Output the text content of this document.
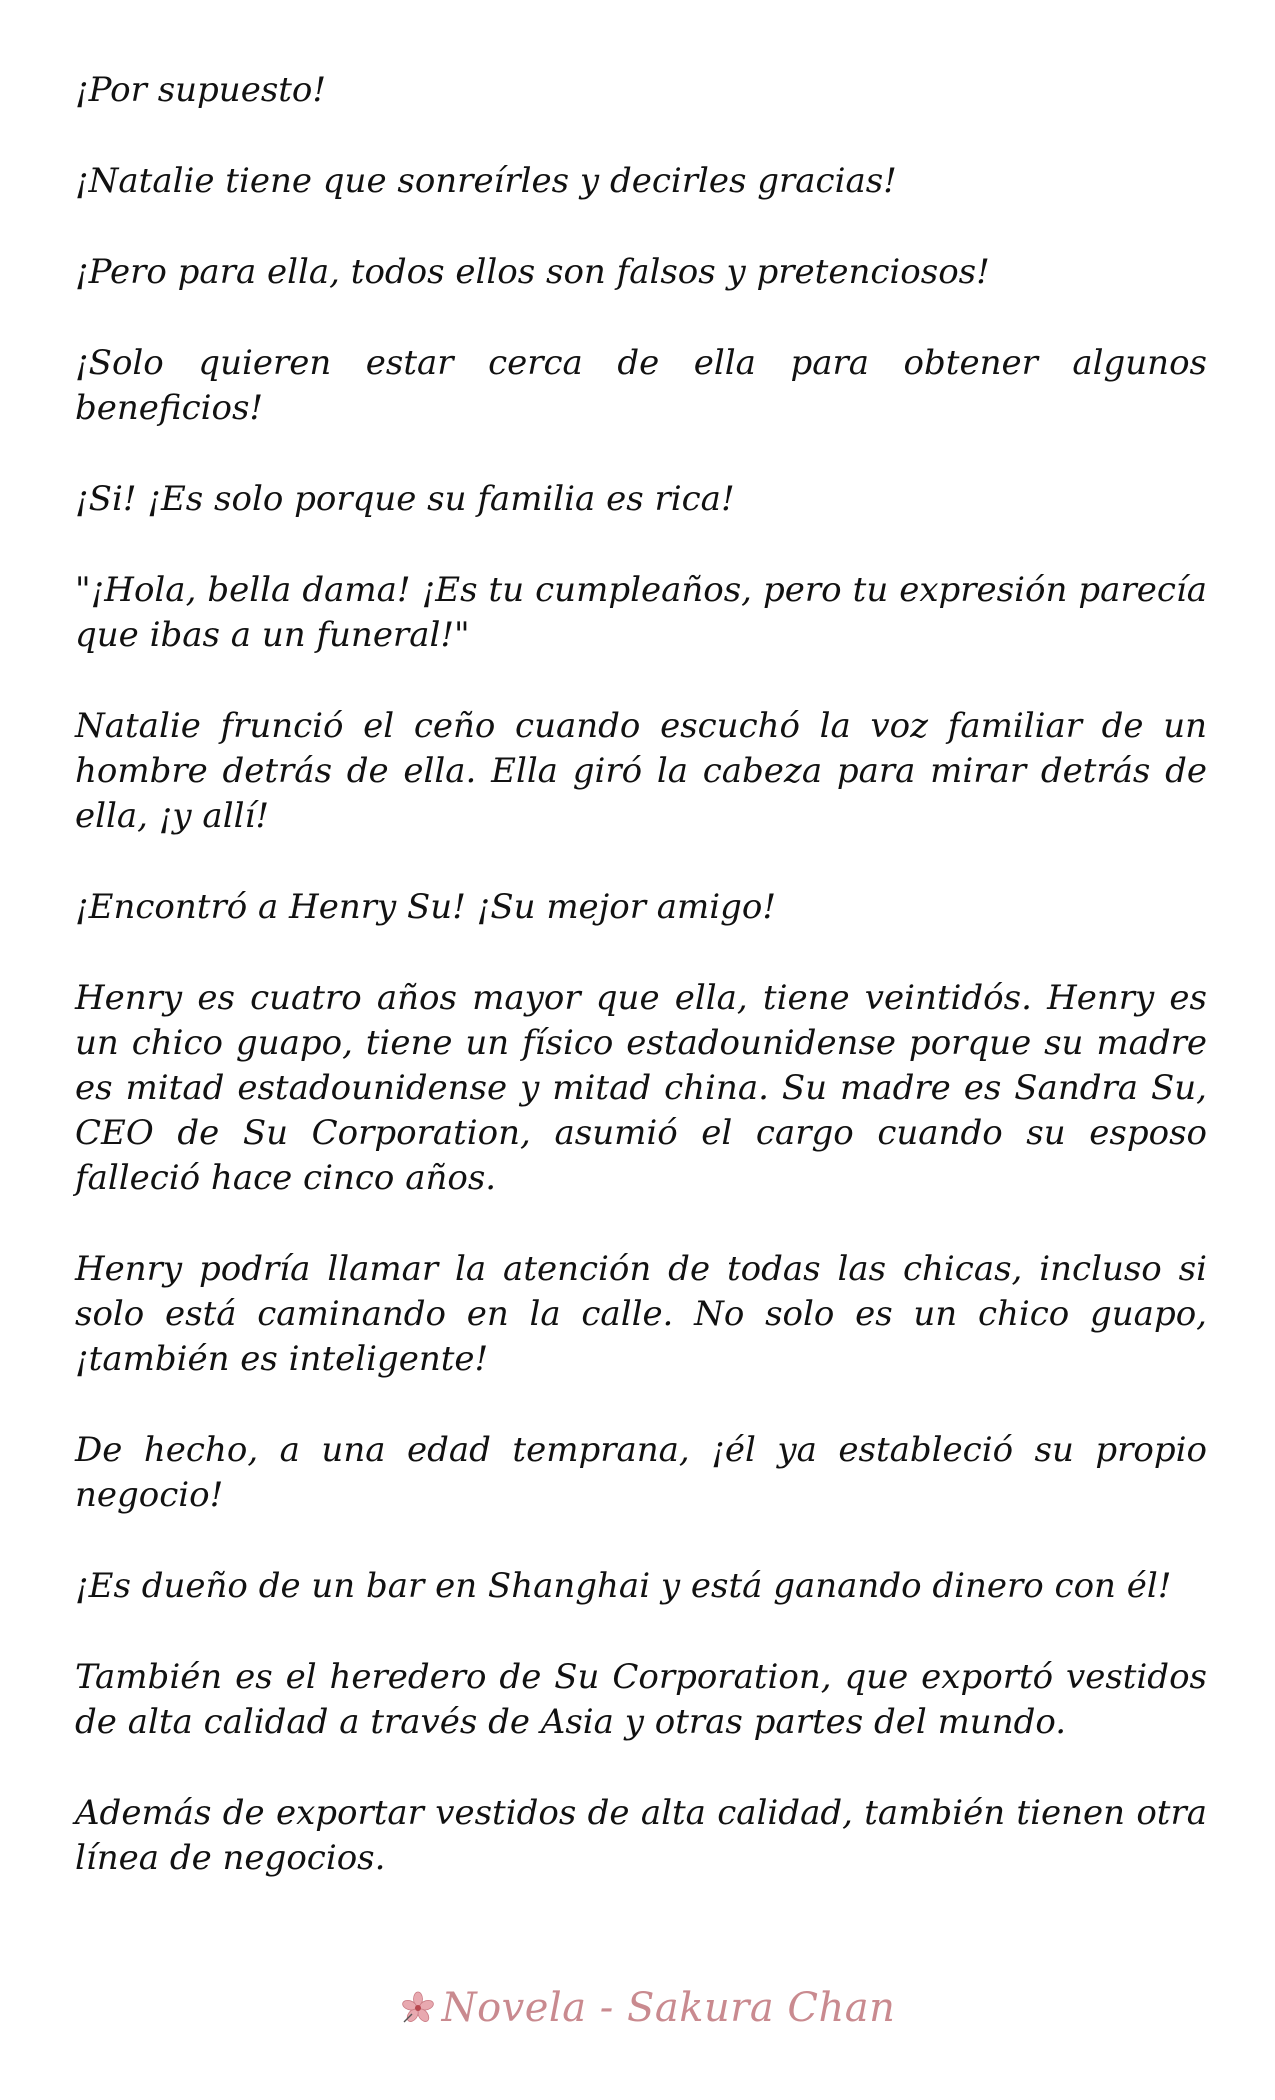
¡Por supuesto!

¡Natalie tiene que sonreírles y decirles gracias!

¡Pero para ella, todos ellos son falsos y pretenciosos!

¡Solo quieren estar cerca de ella para obtener algunos beneficios!

¡Si! ¡Es solo porque su familia es rica!

"¡Hola, bella dama! ¡Es tu cumpleaños, pero tu expresión parecía que ibas a un funeral!"

Natalie frunció el ceño cuando escuchó la voz familiar de un hombre detrás de ella. Ella giró la cabeza para mirar detrás de ella, ¡y allí!

¡Encontró a Henry Su! ¡Su mejor amigo!

Henry es cuatro años mayor que ella, tiene veintidós. Henry es un chico guapo, tiene un físico estadounidense porque su madre es mitad estadounidense y mitad china. Su madre es Sandra Su, CEO de Su Corporation, asumió el cargo cuando su esposo falleció hace cinco años.

Henry podría llamar la atención de todas las chicas, incluso si solo está caminando en la calle. No solo es un chico guapo, ¡también es inteligente!

De hecho, a una edad temprana, ¡él ya estableció su propio negocio!

¡Es dueño de un bar en Shanghai y está ganando dinero con él!

También es el heredero de Su Corporation, que exportó vestidos de alta calidad a través de Asia y otras partes del mundo.

Además de exportar vestidos de alta calidad, también tienen otra línea de negocios.

Novela - Sakura Chan
